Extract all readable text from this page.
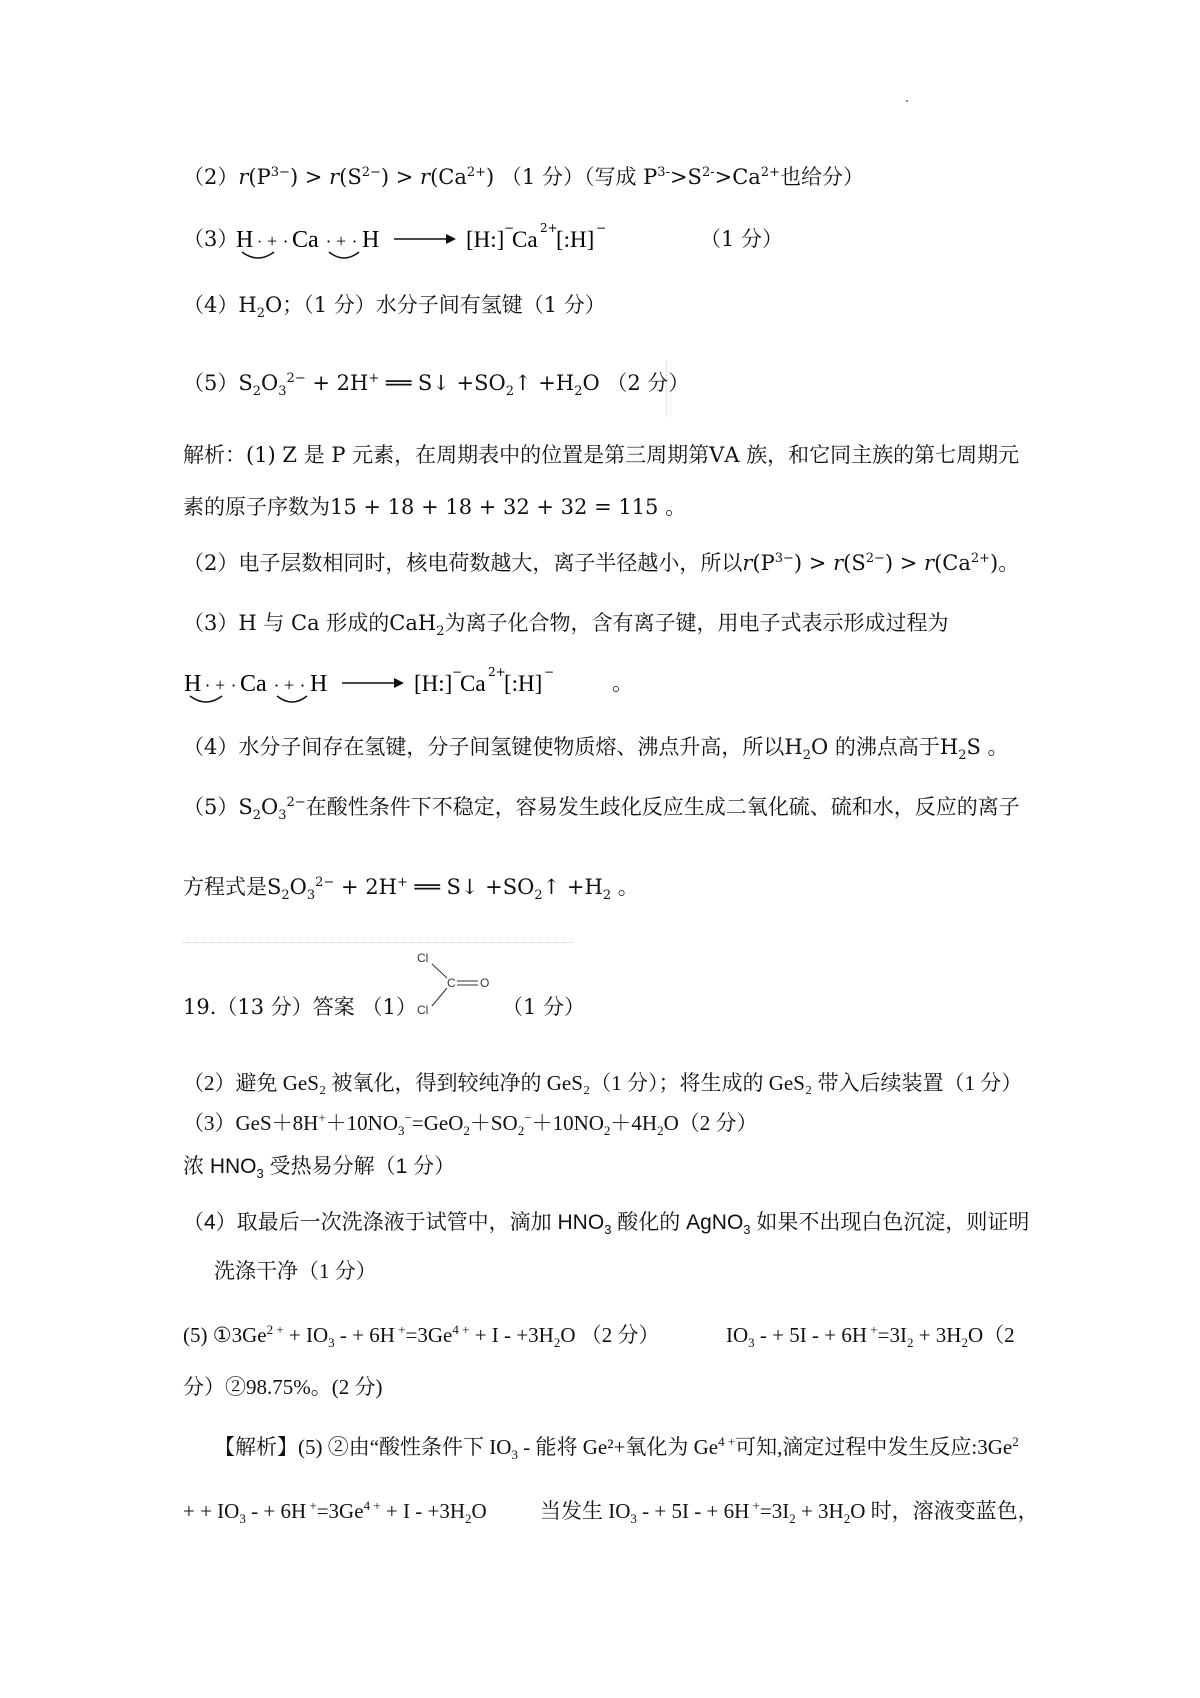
$(2)r(P^{3-}) > r(S^{2-}) > r(Ca^{2+})$ （1 分）（写成 $P^{3-}>S^{2-}>Ca^{2+}$也给分）
（3）
H · + · Ca · + · H	[H:] −
Ca 2+
[:H] −	（1 分）
$(4)H_2O$；（1 分）水分子间有氢键（1 分）
$(5)S_2O_3^{2-} + 2H^+$ ══ S↓ $+SO_2↑ +H_2O$ （2 分）
解析：(1) Z 是 P 元素，在周期表中的位置是第三周期第ⅤA 族，和它同主族的第七周期元
素的原子序数为15 + 18 + 18 + 32 + 32 = 115 。
（2）电子层数相同时，核电荷数越大，离子半径越小，所以$r(P^{3-}) > r(S^{2-}) > r(Ca^{2+})$。
（3）H 与 Ca 形成的CaH$_2$为离子化合物，含有离子键，用电子式表示形成过程为
H · + · Ca · + · H	[H:] −
Ca 2+
[:H] −	。
（4）水分子间存在氢键，分子间氢键使物质熔、沸点升高，所以$H_2O$ 的沸点高于$H_2S$ 。
$(5)S_2O_3^{2-}$在酸性条件下不稳定，容易发生歧化反应生成二氧化硫、硫和水，反应的离子
方程式是$S_2O_3^{2-} + 2H^+$ ══ S↓ $+SO_2↑ +H_2$ 。
19.（13 分）答案 （1）
Cl
C O
Cl	（1 分）
（2）避免 GeS₂ 被氧化，得到较纯净的 GeS₂（1 分）；将生成的 GeS₂ 带入后续装置（1 分）
$(3)GeS+8H^++10NO_3^-=GeO_2+SO_2^-+10NO_2+4H_2O(2$ 分）
浓 $HNO_3$ 受热易分解（1 分）
（4）取最后一次洗涤液于试管中，滴加 $HNO_3$ 酸化的 AgNO$_3$ 如果不出现白色沉淀，则证明
洗涤干净（1 分）
(5) $①3Ge^{2 +} + IO_3$ - + 6H $^+=3Ge^{4 +} + I - +3H_2O$ （2 分）	$IO_3$ - + 5I - + 6H $^+=3I_2 + 3H_2O(2$
分）②98.75%。(2 分)
【解析】(5) ②由“酸性条件下 $IO_3$ - 能将 Ge²+氧化为 $Ge^{4 +}$可知,滴定过程中发生反应$:3Ge^2$
+ + $IO_3$ - + 6H $^+=3Ge^{4 +} + I - +3H_2O$	当发生 $IO_3$ - + 5I - + 6H $^+=3I_2 + 3H_2O$ 时，溶液变蓝色，
